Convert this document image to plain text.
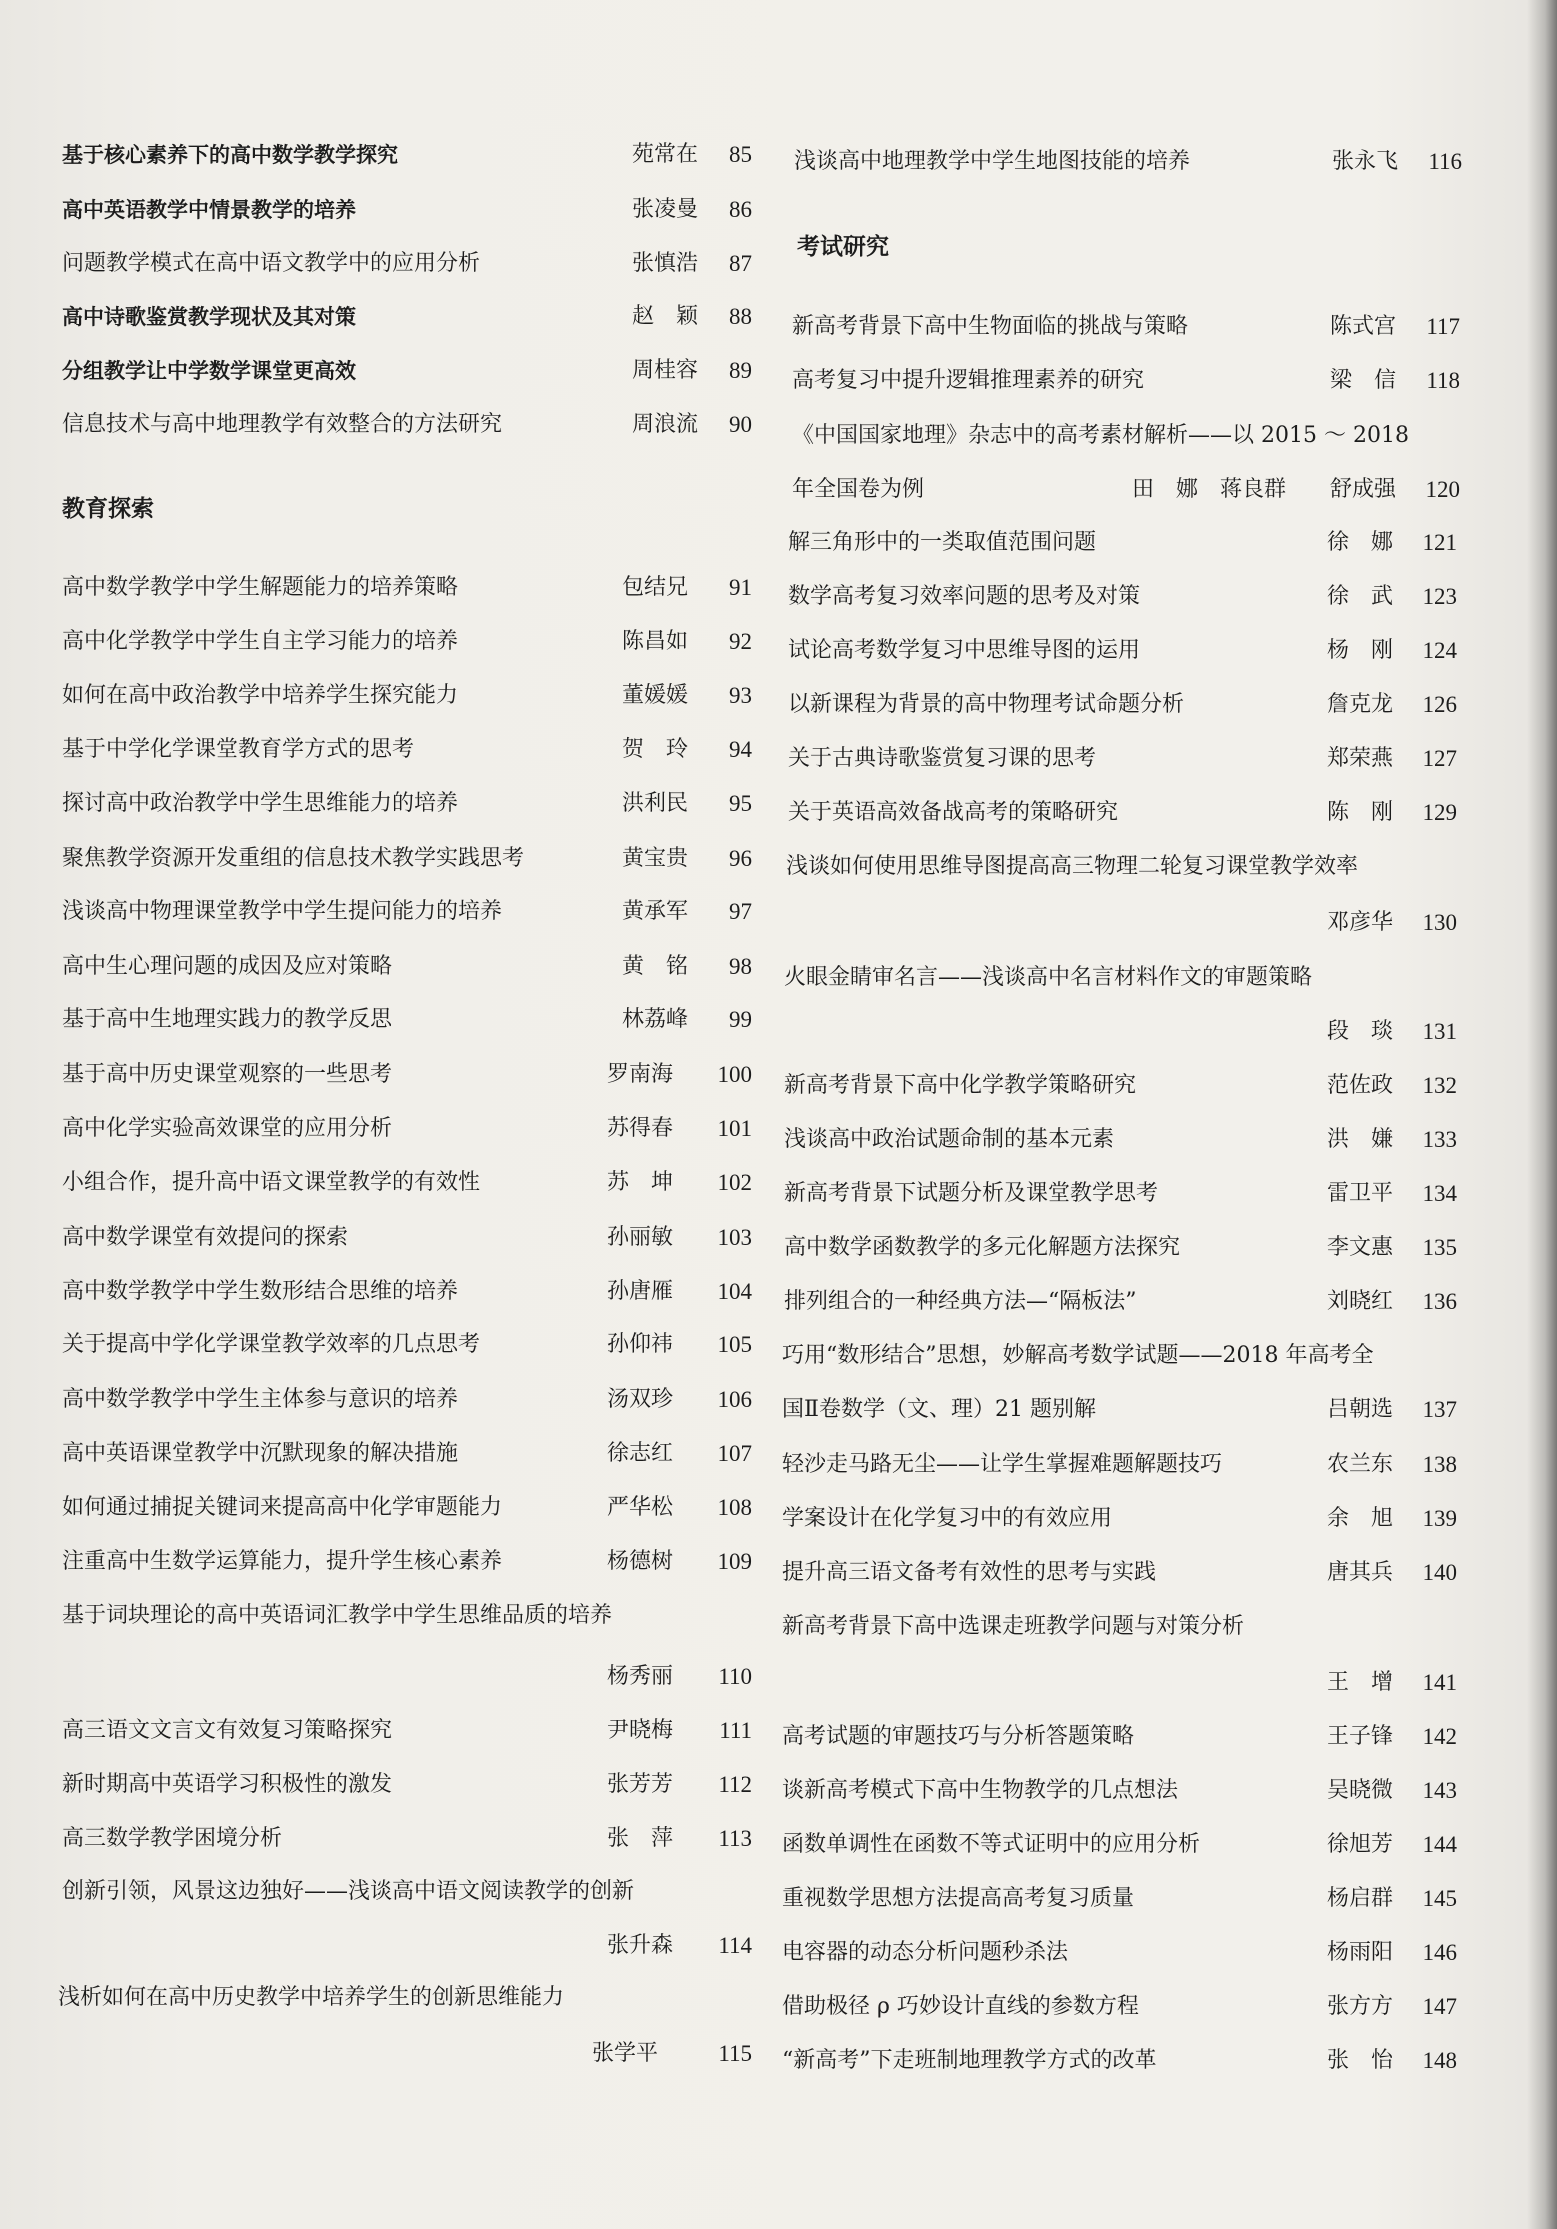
基于核心素养下的高中数学教学探究	苑常在	85
高中英语教学中情景教学的培养	张凌曼	86
问题教学模式在高中语文教学中的应用分析	张慎浩	87
高中诗歌鉴赏教学现状及其对策	赵　颖	88
分组教学让中学数学课堂更高效	周桂容	89
信息技术与高中地理教学有效整合的方法研究	周浪流	90
教育探索
高中数学教学中学生解题能力的培养策略	包结兄	91
高中化学教学中学生自主学习能力的培养	陈昌如	92
如何在高中政治教学中培养学生探究能力	董媛媛	93
基于中学化学课堂教育学方式的思考	贺　玲	94
探讨高中政治教学中学生思维能力的培养	洪利民	95
聚焦教学资源开发重组的信息技术教学实践思考	黄宝贵	96
浅谈高中物理课堂教学中学生提问能力的培养	黄承军	97
高中生心理问题的成因及应对策略	黄　铭	98
基于高中生地理实践力的教学反思	林荔峰	99
基于高中历史课堂观察的一些思考	罗南海	100
高中化学实验高效课堂的应用分析	苏得春	101
小组合作，提升高中语文课堂教学的有效性	苏　坤	102
高中数学课堂有效提问的探索	孙丽敏	103
高中数学教学中学生数形结合思维的培养	孙唐雁	104
关于提高中学化学课堂教学效率的几点思考	孙仰祎	105
高中数学教学中学生主体参与意识的培养	汤双珍	106
高中英语课堂教学中沉默现象的解决措施	徐志红	107
如何通过捕捉关键词来提高高中化学审题能力	严华松	108
注重高中生数学运算能力，提升学生核心素养	杨德树	109
基于词块理论的高中英语词汇教学中学生思维品质的培养
杨秀丽	110
高三语文文言文有效复习策略探究	尹晓梅	111
新时期高中英语学习积极性的激发	张芳芳	112
高三数学教学困境分析	张　萍	113
创新引领，风景这边独好——浅谈高中语文阅读教学的创新
张升森	114
浅析如何在高中历史教学中培养学生的创新思维能力
张学平	115
浅谈高中地理教学中学生地图技能的培养	张永飞	116
考试研究
新高考背景下高中生物面临的挑战与策略	陈式宫	117
高考复习中提升逻辑推理素养的研究	梁　信	118
《中国国家地理》杂志中的高考素材解析——以 2015 ～ 2018
年全国卷为例	田　娜　蒋良群 舒成强	120
解三角形中的一类取值范围问题	徐　娜	121
数学高考复习效率问题的思考及对策	徐　武	123
试论高考数学复习中思维导图的运用	杨　刚	124
以新课程为背景的高中物理考试命题分析	詹克龙	126
关于古典诗歌鉴赏复习课的思考	郑荣燕	127
关于英语高效备战高考的策略研究	陈　刚	129
浅谈如何使用思维导图提高高三物理二轮复习课堂教学效率
邓彦华	130
火眼金睛审名言——浅谈高中名言材料作文的审题策略
段　琰	131
新高考背景下高中化学教学策略研究	范佐政	132
浅谈高中政治试题命制的基本元素	洪　嫌	133
新高考背景下试题分析及课堂教学思考	雷卫平	134
高中数学函数教学的多元化解题方法探究	李文惠	135
排列组合的一种经典方法—“隔板法”	刘晓红	136
巧用“数形结合”思想，妙解高考数学试题——2018 年高考全
国Ⅱ卷数学（文、理）21 题别解	吕朝选	137
轻沙走马路无尘——让学生掌握难题解题技巧	农兰东	138
学案设计在化学复习中的有效应用	余　旭	139
提升高三语文备考有效性的思考与实践	唐其兵	140
新高考背景下高中选课走班教学问题与对策分析
王　增	141
高考试题的审题技巧与分析答题策略	王子锋	142
谈新高考模式下高中生物教学的几点想法	吴晓微	143
函数单调性在函数不等式证明中的应用分析	徐旭芳	144
重视数学思想方法提高高考复习质量	杨启群	145
电容器的动态分析问题秒杀法	杨雨阳	146
借助极径 ρ 巧妙设计直线的参数方程	张方方	147
“新高考”下走班制地理教学方式的改革	张　怡	148
